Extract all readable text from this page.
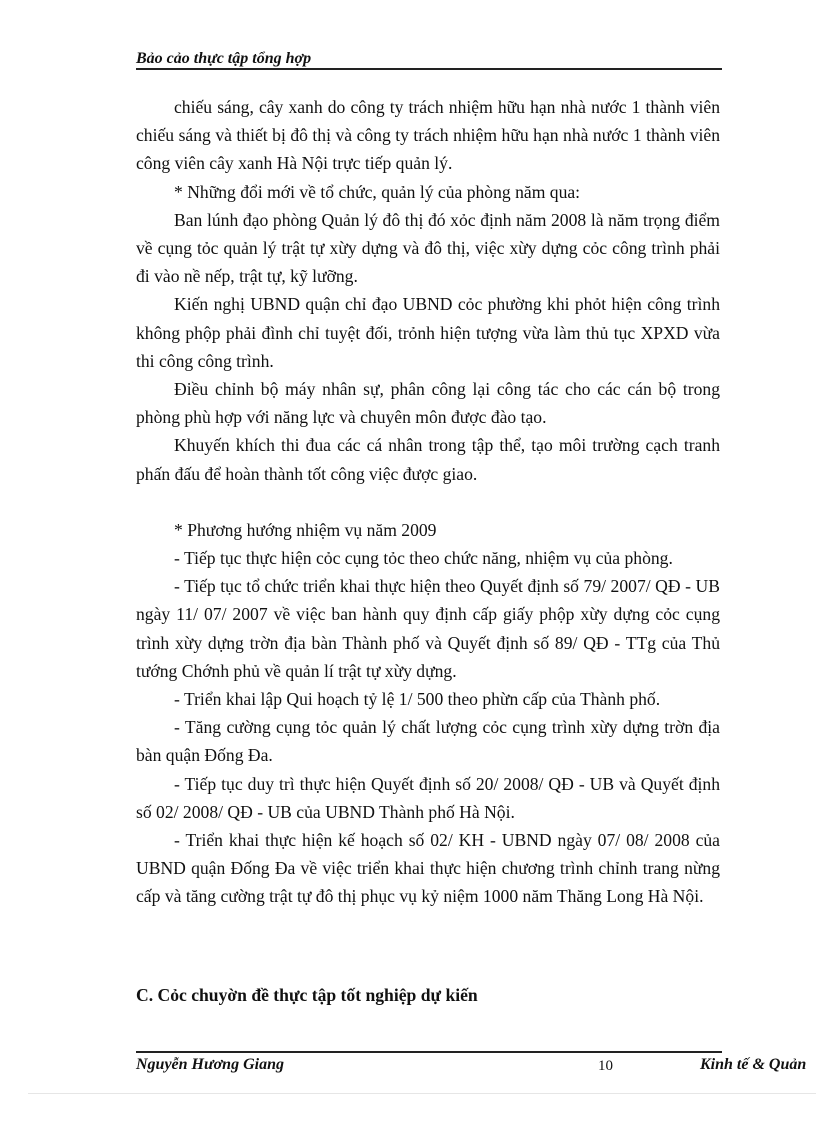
Bảo cảo thực tập tổng hợp

chiếu sáng, cây xanh do công ty trách nhiệm hữu hạn nhà nước 1 thành viên chiếu sáng và thiết bị đô thị và công ty trách nhiệm hữu hạn nhà nước 1 thành viên công viên cây xanh Hà Nội trực tiếp quản lý.

* Những đổi mới về tổ chức, quản lý của phòng năm qua:

Ban lúnh đạo phòng Quản lý đô thị đó xỏc định năm 2008 là năm trọng điểm về cụng tỏc quản lý trật tự xừy dựng và đô thị, việc xừy dựng cỏc công trình phải đi vào nề nếp, trật tự, kỹ lưỡng.

Kiến nghị UBND quận chỉ đạo UBND cỏc phường khi phỏt hiện công trình không phộp phải đình chỉ tuyệt đối, trỏnh hiện tượng vừa làm thủ tục XPXD vừa thi công công trình.

Điều chỉnh bộ máy nhân sự, phân công lại công tác cho các cán bộ trong phòng phù hợp với năng lực và chuyên môn được đào tạo.

Khuyến khích thi đua các cá nhân trong tập thể, tạo môi trường cạch tranh phấn đấu để hoàn thành tốt công việc được giao.

* Phương hướng nhiệm vụ năm 2009

- Tiếp tục thực hiện cỏc cụng tỏc theo chức năng, nhiệm vụ của phòng.

- Tiếp tục tổ chức triển khai thực hiện theo Quyết định số 79/ 2007/ QĐ - UB ngày 11/ 07/ 2007 về việc ban hành quy định cấp giấy phộp xừy dựng cỏc cụng trình xừy dựng trờn địa bàn Thành phố và Quyết định số 89/ QĐ - TTg của Thủ tướng Chớnh phủ về quản lí trật tự xừy dựng.

- Triển khai lập Qui hoạch tỷ lệ 1/ 500 theo phừn cấp của Thành phố.

- Tăng cường cụng tỏc quản lý chất lượng cỏc cụng trình xừy dựng trờn địa bàn quận Đống Đa.

- Tiếp tục duy trì thực hiện Quyết định số 20/ 2008/ QĐ - UB và Quyết định số 02/ 2008/ QĐ - UB của UBND Thành phố Hà Nội.

- Triển khai thực hiện kế hoạch số 02/ KH - UBND ngày 07/ 08/ 2008 của UBND quận Đống Đa về việc triển khai thực hiện chương trình chỉnh trang nừng cấp và tăng cường trật tự đô thị phục vụ kỷ niệm 1000 năm Thăng Long Hà Nội.

C. Cỏc chuyờn đề thực tập tốt nghiệp dự kiến
Nguyễn Hương Giang	10	Kinh tế & Quản
